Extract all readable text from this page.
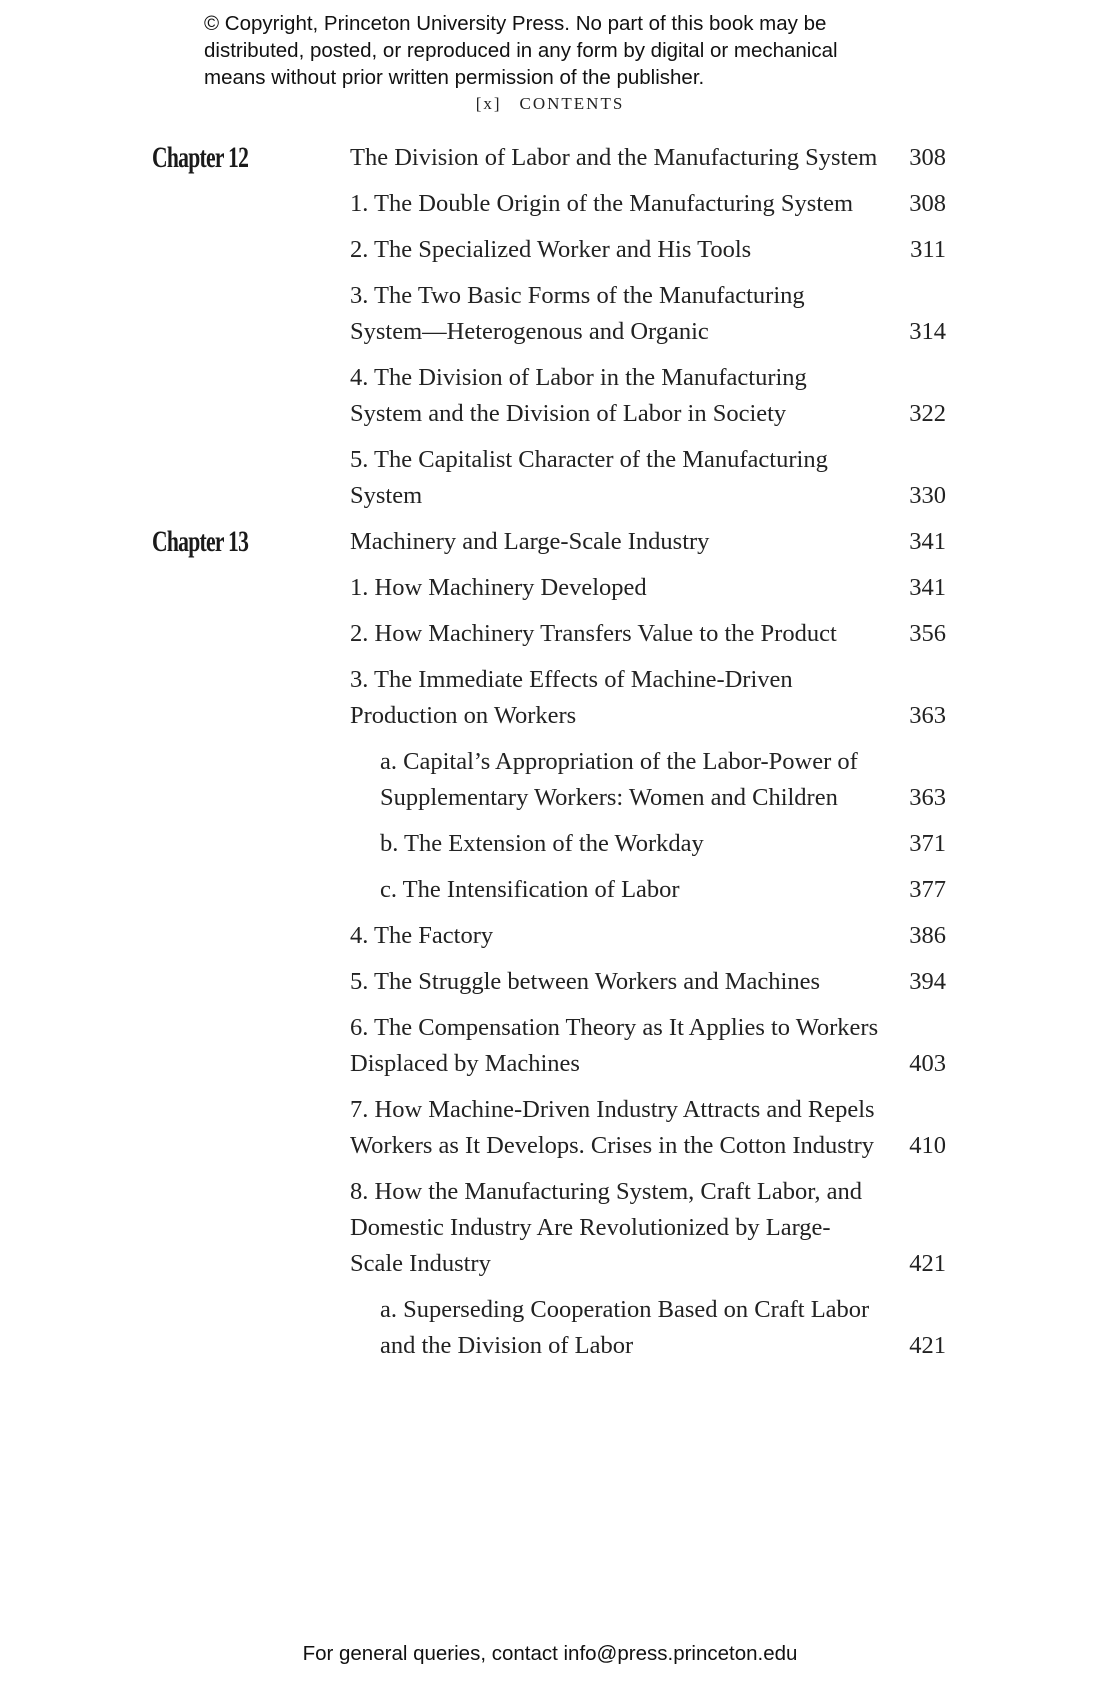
© Copyright, Princeton University Press. No part of this book may be
distributed, posted, or reproduced in any form by digital or mechanical
means without prior written permission of the publisher.
[x] CONTENTS
Chapter 12	The Division of Labor and the Manufacturing System	308
1. The Double Origin of the Manufacturing System	308
2. The Specialized Worker and His Tools	311
3. The Two Basic Forms of the Manufacturing System—Heterogenous and Organic	314
4. The Division of Labor in the Manufacturing System and the Division of Labor in Society	322
5. The Capitalist Character of the Manufacturing System	330
Chapter 13	Machinery and Large-Scale Industry	341
1. How Machinery Developed	341
2. How Machinery Transfers Value to the Product	356
3. The Immediate Effects of Machine-Driven Production on Workers	363
a. Capital’s Appropriation of the Labor-Power of Supplementary Workers: Women and Children	363
b. The Extension of the Workday	371
c. The Intensification of Labor	377
4. The Factory	386
5. The Struggle between Workers and Machines	394
6. The Compensation Theory as It Applies to Workers Displaced by Machines	403
7. How Machine-Driven Industry Attracts and Repels Workers as It Develops. Crises in the Cotton Industry	410
8. How the Manufacturing System, Craft Labor, and Domestic Industry Are Revolutionized by Large-Scale Industry	421
a. Superseding Cooperation Based on Craft Labor and the Division of Labor	421
For general queries, contact info@press.princeton.edu
